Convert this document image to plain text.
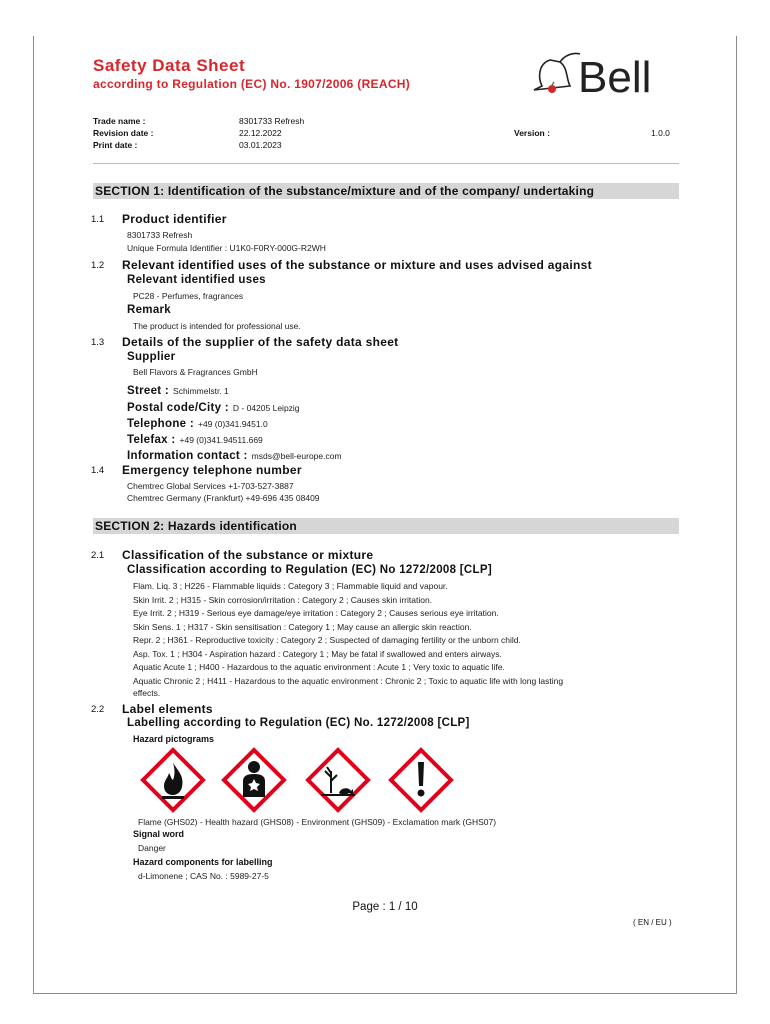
Safety Data Sheet
according to Regulation (EC) No. 1907/2006 (REACH)	Bell
Trade name :	8301733 Refresh
Revision date :	22.12.2022	Version :	1.0.0
Print date :	03.01.2023
SECTION 1: Identification of the substance/mixture and of the company/ undertaking
1.1 Product identifier
8301733 Refresh
Unique Formula Identifier : U1K0-F0RY-000G-R2WH
1.2 Relevant identified uses of the substance or mixture and uses advised against
Relevant identified uses
PC28 - Perfumes, fragrances
Remark
The product is intended for professional use.
1.3 Details of the supplier of the safety data sheet
Supplier
Bell Flavors & Fragrances GmbH
Street : Schimmelstr. 1
Postal code/City : D - 04205 Leipzig
Telephone : +49 (0)341.9451.0
Telefax : +49 (0)341.94511.669
Information contact : msds@bell-europe.com
1.4 Emergency telephone number
Chemtrec Global Services +1-703-527-3887
Chemtrec Germany (Frankfurt) +49-696 435 08409
SECTION 2: Hazards identification
2.1 Classification of the substance or mixture
Classification according to Regulation (EC) No 1272/2008 [CLP]
Flam. Liq. 3 ; H226 - Flammable liquids : Category 3 ; Flammable liquid and vapour.
Skin Irrit. 2 ; H315 - Skin corrosion/irritation : Category 2 ; Causes skin irritation.
Eye Irrit. 2 ; H319 - Serious eye damage/eye irritation : Category 2 ; Causes serious eye irritation.
Skin Sens. 1 ; H317 - Skin sensitisation : Category 1 ; May cause an allergic skin reaction.
Repr. 2 ; H361 - Reproductive toxicity : Category 2 ; Suspected of damaging fertility or the unborn child.
Asp. Tox. 1 ; H304 - Aspiration hazard : Category 1 ; May be fatal if swallowed and enters airways.
Aquatic Acute 1 ; H400 - Hazardous to the aquatic environment : Acute 1 ; Very toxic to aquatic life.
Aquatic Chronic 2 ; H411 - Hazardous to the aquatic environment : Chronic 2 ; Toxic to aquatic life with long lasting
effects.
2.2 Label elements
Labelling according to Regulation (EC) No. 1272/2008 [CLP]
Hazard pictograms
Flame (GHS02) - Health hazard (GHS08) - Environment (GHS09) - Exclamation mark (GHS07)
Signal word
Danger
Hazard components for labelling
d-Limonene ; CAS No. : 5989-27-5
Page : 1 / 10
( EN / EU )
